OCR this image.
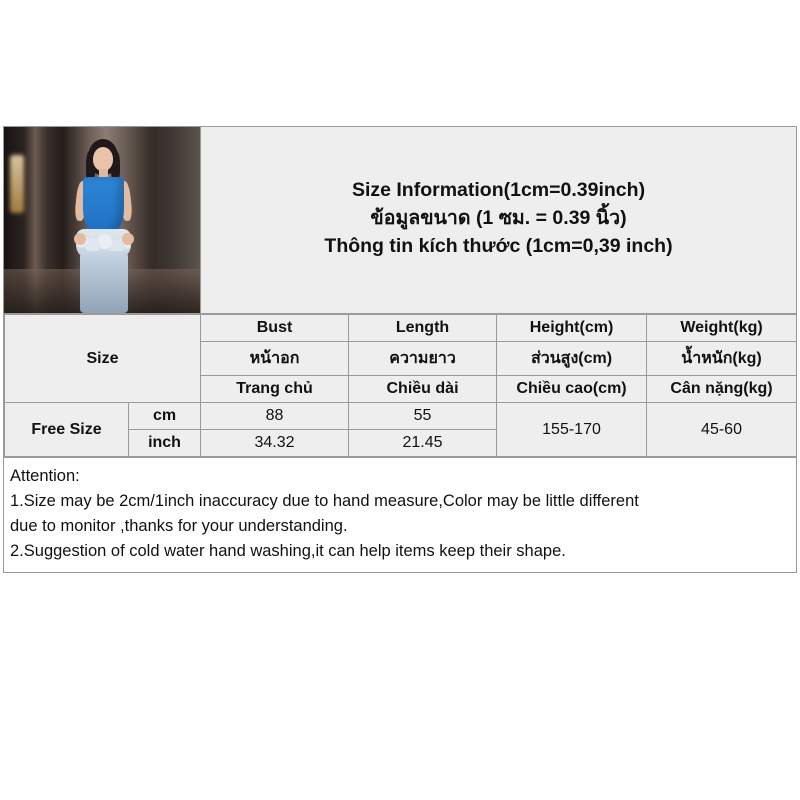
Size Information(1cm=0.39inch)
ข้อมูลขนาด (1 ซม. = 0.39 นิ้ว)
Thông tin kích thước (1cm=0,39 inch)
Size		Bust	Length	Height(cm)	Weight(kg)
		หน้าอก	ความยาว	ส่วนสูง(cm)	น้ำหนัก(kg)
		Trang chủ	Chiều dài	Chiều cao(cm)	Cân nặng(kg)
Free Size	cm	88	55	155-170	45-60
	inch	34.32	21.45		

Attention:

1.Size may be 2cm/1inch inaccuracy due to hand measure,Color may be little different

due to monitor ,thanks for your understanding.

2.Suggestion of cold water hand washing,it can help items keep their shape.
